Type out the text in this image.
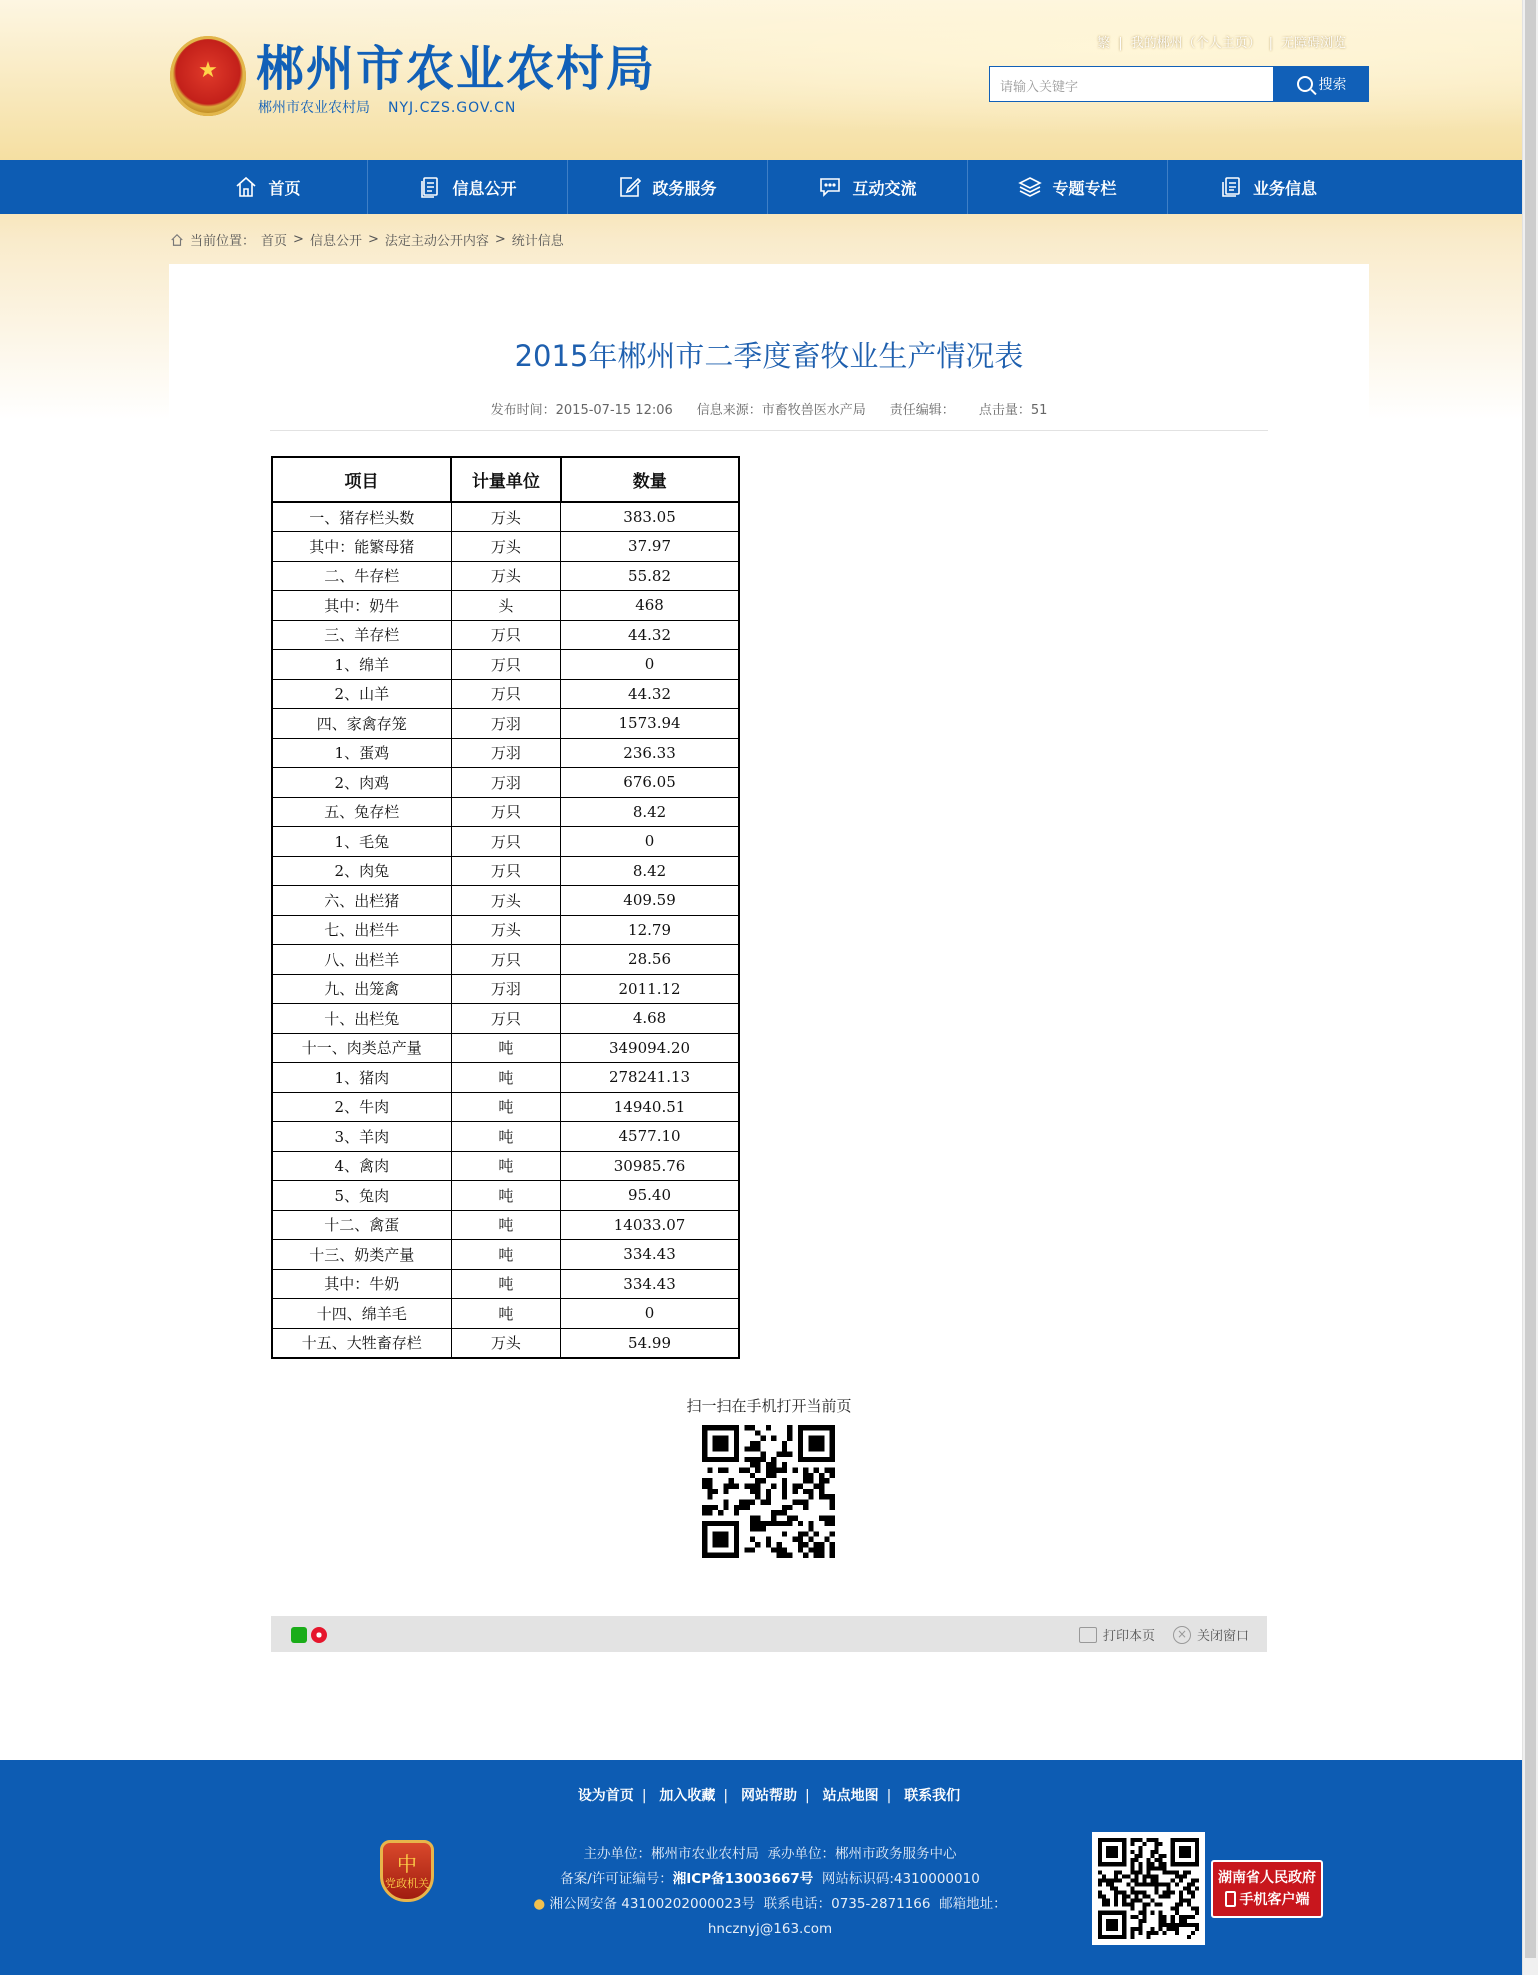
★ 郴州市农业农村局
郴州市农业农村局 NYJ.CZS.GOV.CN
繁 | 我的郴州（个人主页） | 无障碍浏览
请输入关键字	搜索
首页	信息公开	政务服务	互动交流	专题专栏	业务信息
当前位置： 首页 > 信息公开 > 法定主动公开内容 > 统计信息
2015年郴州市二季度畜牧业生产情况表
发布时间：2015-07-15 12:06 信息来源：市畜牧兽医水产局 责任编辑： 点击量：51
项目	计量单位	数量
一、猪存栏头数	万头	383.05
其中：能繁母猪	万头	37.97
二、牛存栏	万头	55.82
其中：奶牛	头	468
三、羊存栏	万只	44.32
1、绵羊	万只	0
2、山羊	万只	44.32
四、家禽存笼	万羽	1573.94
1、蛋鸡	万羽	236.33
2、肉鸡	万羽	676.05
五、兔存栏	万只	8.42
1、毛兔	万只	0
2、肉兔	万只	8.42
六、出栏猪	万头	409.59
七、出栏牛	万头	12.79
八、出栏羊	万只	28.56
九、出笼禽	万羽	2011.12
十、出栏兔	万只	4.68
十一、肉类总产量	吨	349094.20
1、猪肉	吨	278241.13
2、牛肉	吨	14940.51
3、羊肉	吨	4577.10
4、禽肉	吨	30985.76
5、兔肉	吨	95.40
十二、禽蛋	吨	14033.07
十三、奶类产量	吨	334.43
其中：牛奶	吨	334.43
十四、绵羊毛	吨	0
十五、大牲畜存栏	万头	54.99
扫一扫在手机打开当前页
打印本页	× 关闭窗口
设为首页 | 加入收藏 | 网站帮助 | 站点地图 | 联系我们
中
党政机关
主办单位：郴州市农业农村局 承办单位：郴州市政务服务中心
备案/许可证编号：湘ICP备13003667号 网站标识码:4310000010
● 湘公网安备 43100202000023号 联系电话：0735-2871166 邮箱地址：
hncznyj@163.com
湖南省人民政府
手机客户端
